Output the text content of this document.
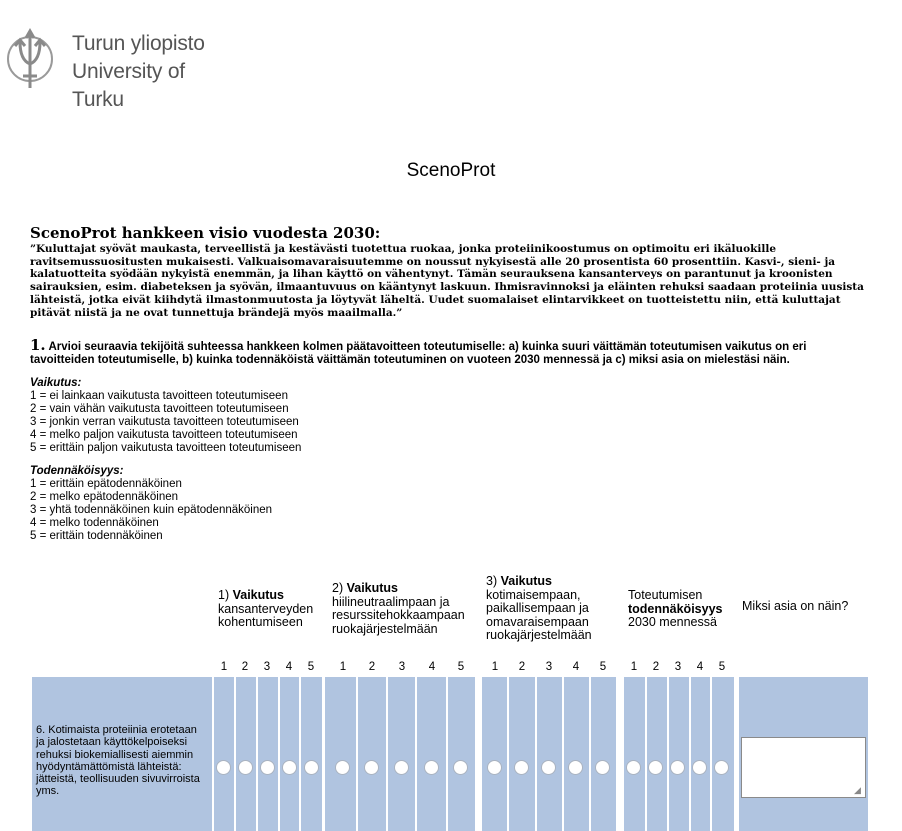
Turun yliopisto
University of Turku
ScenoProt
ScenoProt hankkeen visio vuodesta 2030:

”Kuluttajat syövät maukasta, terveellistä ja kestävästi tuotettua ruokaa, jonka proteiinikoostumus on optimoitu eri ikäluokille ravitsemussuositusten mukaisesti. Valkuaisomavaraisuutemme on noussut nykyisestä alle 20 prosentista 60 prosenttiin. Kasvi-, sieni- ja kalatuotteita syödään nykyistä enemmän, ja lihan käyttö on vähentynyt. Tämän seurauksena kansanterveys on parantunut ja kroonisten sairauksien, esim. diabeteksen ja syövän, ilmaantuvuus on kääntynyt laskuun. Ihmisravinnoksi ja eläinten rehuksi saadaan proteiinia uusista lähteistä, jotka eivät kiihdytä ilmastonmuutosta ja löytyvät läheltä. Uudet suomalaiset elintarvikkeet on tuotteistettu niin, että kuluttajat pitävät niistä ja ne ovat tunnettuja brändejä myös maailmalla.”

1. Arvioi seuraavia tekijöitä suhteessa hankkeen kolmen päätavoitteen toteutumiselle: a) kuinka suuri väittämän toteutumisen vaikutus on eri tavoitteiden toteutumiselle, b) kuinka todennäköistä väittämän toteutuminen on vuoteen 2030 mennessä ja c) miksi asia on mielestäsi näin.
Vaikutus:
1 = ei lainkaan vaikutusta tavoitteen toteutumiseen
2 = vain vähän vaikutusta tavoitteen toteutumiseen
3 = jonkin verran vaikutusta tavoitteen toteutumiseen
4 = melko paljon vaikutusta tavoitteen toteutumiseen
5 = erittäin paljon vaikutusta tavoitteen toteutumiseen
Todennäköisyys:
1 = erittäin epätodennäköinen
2 = melko epätodennäköinen
3 = yhtä todennäköinen kuin epätodennäköinen
4 = melko todennäköinen
5 = erittäin todennäköinen
1) Vaikutus
kansanterveyden kohentumiseen
2) Vaikutus
hiilineutraalimpaan ja resurssitehokkaampaan ruokajärjestelmään
3) Vaikutus
kotimaisempaan, paikallisempaan ja omavaraisempaan ruokajärjestelmään
Toteutumisen
todennäköisyys
2030 mennessä
Miksi asia on näin?
1 2 3 4 5 1 2 3 4 5 1 2 3 4 5 1 2 3 4 5
6. Kotimaista proteiinia erotetaan ja jalostetaan käyttökelpoiseksi rehuksi biokemiallisesti aiemmin hyödyntämättömistä lähteistä: jätteistä, teollisuuden sivuvirroista yms.	◢
